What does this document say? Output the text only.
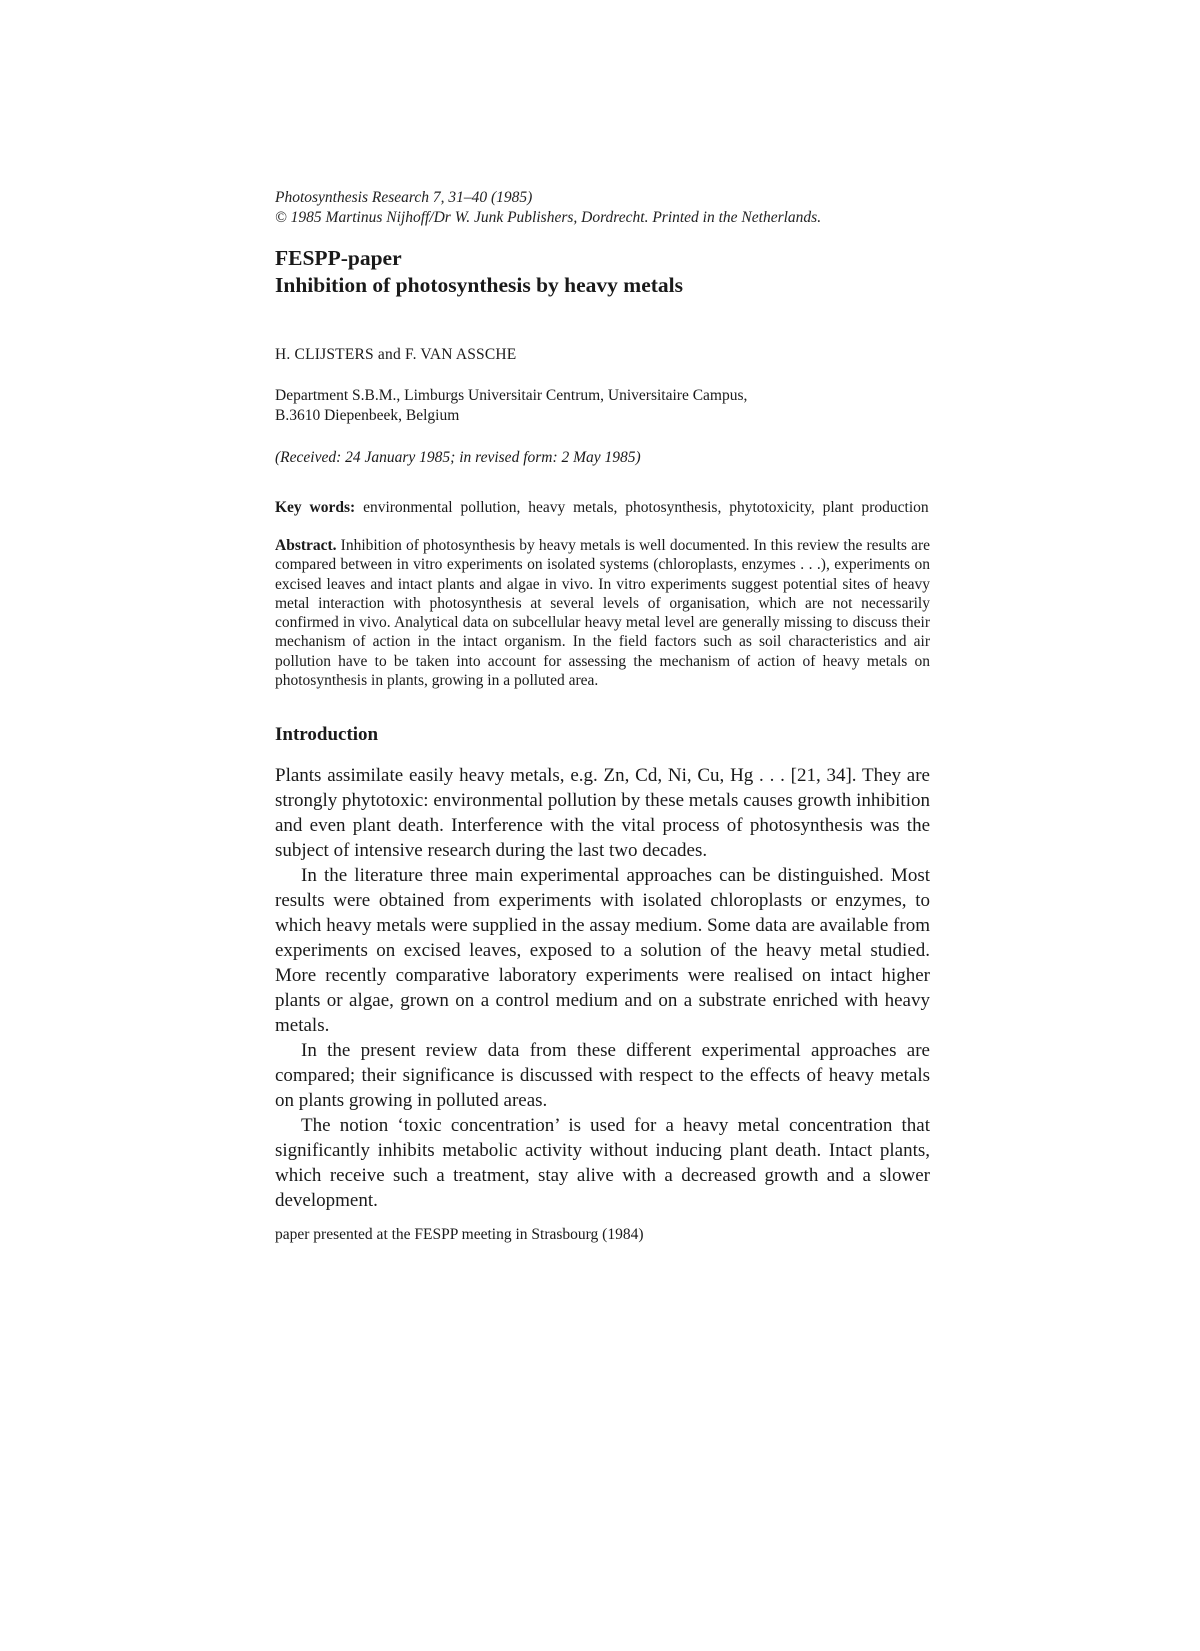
Photosynthesis Research 7, 31–40 (1985)
© 1985 Martinus Nijhoff/Dr W. Junk Publishers, Dordrecht. Printed in the Netherlands.
FESPP-paper
Inhibition of photosynthesis by heavy metals
H. CLIJSTERS and F. VAN ASSCHE
Department S.B.M., Limburgs Universitair Centrum, Universitaire Campus,
B.3610 Diepenbeek, Belgium
(Received: 24 January 1985; in revised form: 2 May 1985)
Key words: environmental pollution, heavy metals, photosynthesis, phytotoxicity, plant production
Abstract. Inhibition of photosynthesis by heavy metals is well documented. In this review the results are compared between in vitro experiments on isolated systems (chloroplasts, enzymes . . .), experiments on excised leaves and intact plants and algae in vivo. In vitro experiments suggest potential sites of heavy metal interaction with photosynthesis at several levels of organisation, which are not necessarily confirmed in vivo. Analytical data on subcellular heavy metal level are generally missing to discuss their mechanism of action in the intact organism. In the field factors such as soil characteristics and air pollution have to be taken into account for assessing the mechanism of action of heavy metals on photosynthesis in plants, growing in a polluted area.
Introduction

Plants assimilate easily heavy metals, e.g. Zn, Cd, Ni, Cu, Hg . . . [21, 34]. They are strongly phytotoxic: environmental pollution by these metals causes growth inhibition and even plant death. Interference with the vital process of photosynthesis was the subject of intensive research during the last two decades.

In the literature three main experimental approaches can be distinguished. Most results were obtained from experiments with isolated chloroplasts or enzymes, to which heavy metals were supplied in the assay medium. Some data are available from experiments on excised leaves, exposed to a solution of the heavy metal studied. More recently comparative laboratory experiments were realised on intact higher plants or algae, grown on a control medium and on a substrate enriched with heavy metals.

In the present review data from these different experimental approaches are compared; their significance is discussed with respect to the effects of heavy metals on plants growing in polluted areas.

The notion ‘toxic concentration’ is used for a heavy metal concentration that significantly inhibits metabolic activity without inducing plant death. Intact plants, which receive such a treatment, stay alive with a decreased growth and a slower development.

paper presented at the FESPP meeting in Strasbourg (1984)
